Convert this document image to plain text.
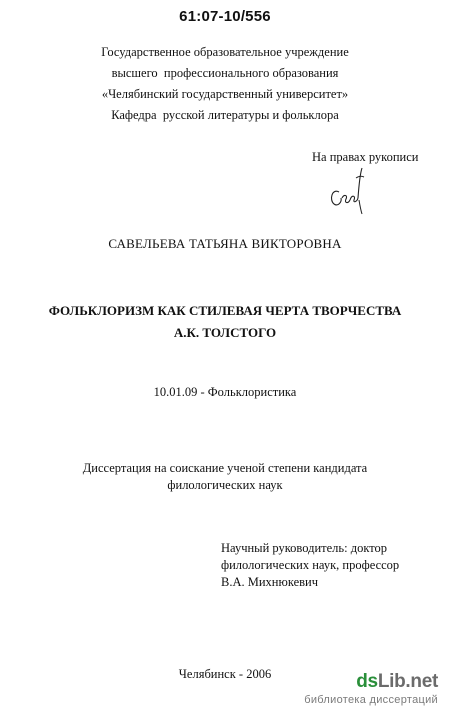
61:07-10/556
Государственное образовательное учреждение
высшего  профессионального образования
«Челябинский государственный университет»
Кафедра  русской литературы и фольклора
На правах рукописи
САВЕЛЬЕВА ТАТЬЯНА ВИКТОРОВНА
ФОЛЬКЛОРИЗМ КАК СТИЛЕВАЯ ЧЕРТА ТВОРЧЕСТВА
А.К. ТОЛСТОГО
10.01.09 - Фольклористика
Диссертация на соискание ученой степени кандидата
филологических наук
Научный руководитель: доктор
филологических наук, профессор
В.А. Михнюкевич
Челябинск - 2006	dsLib.net
библиотека диссертаций
